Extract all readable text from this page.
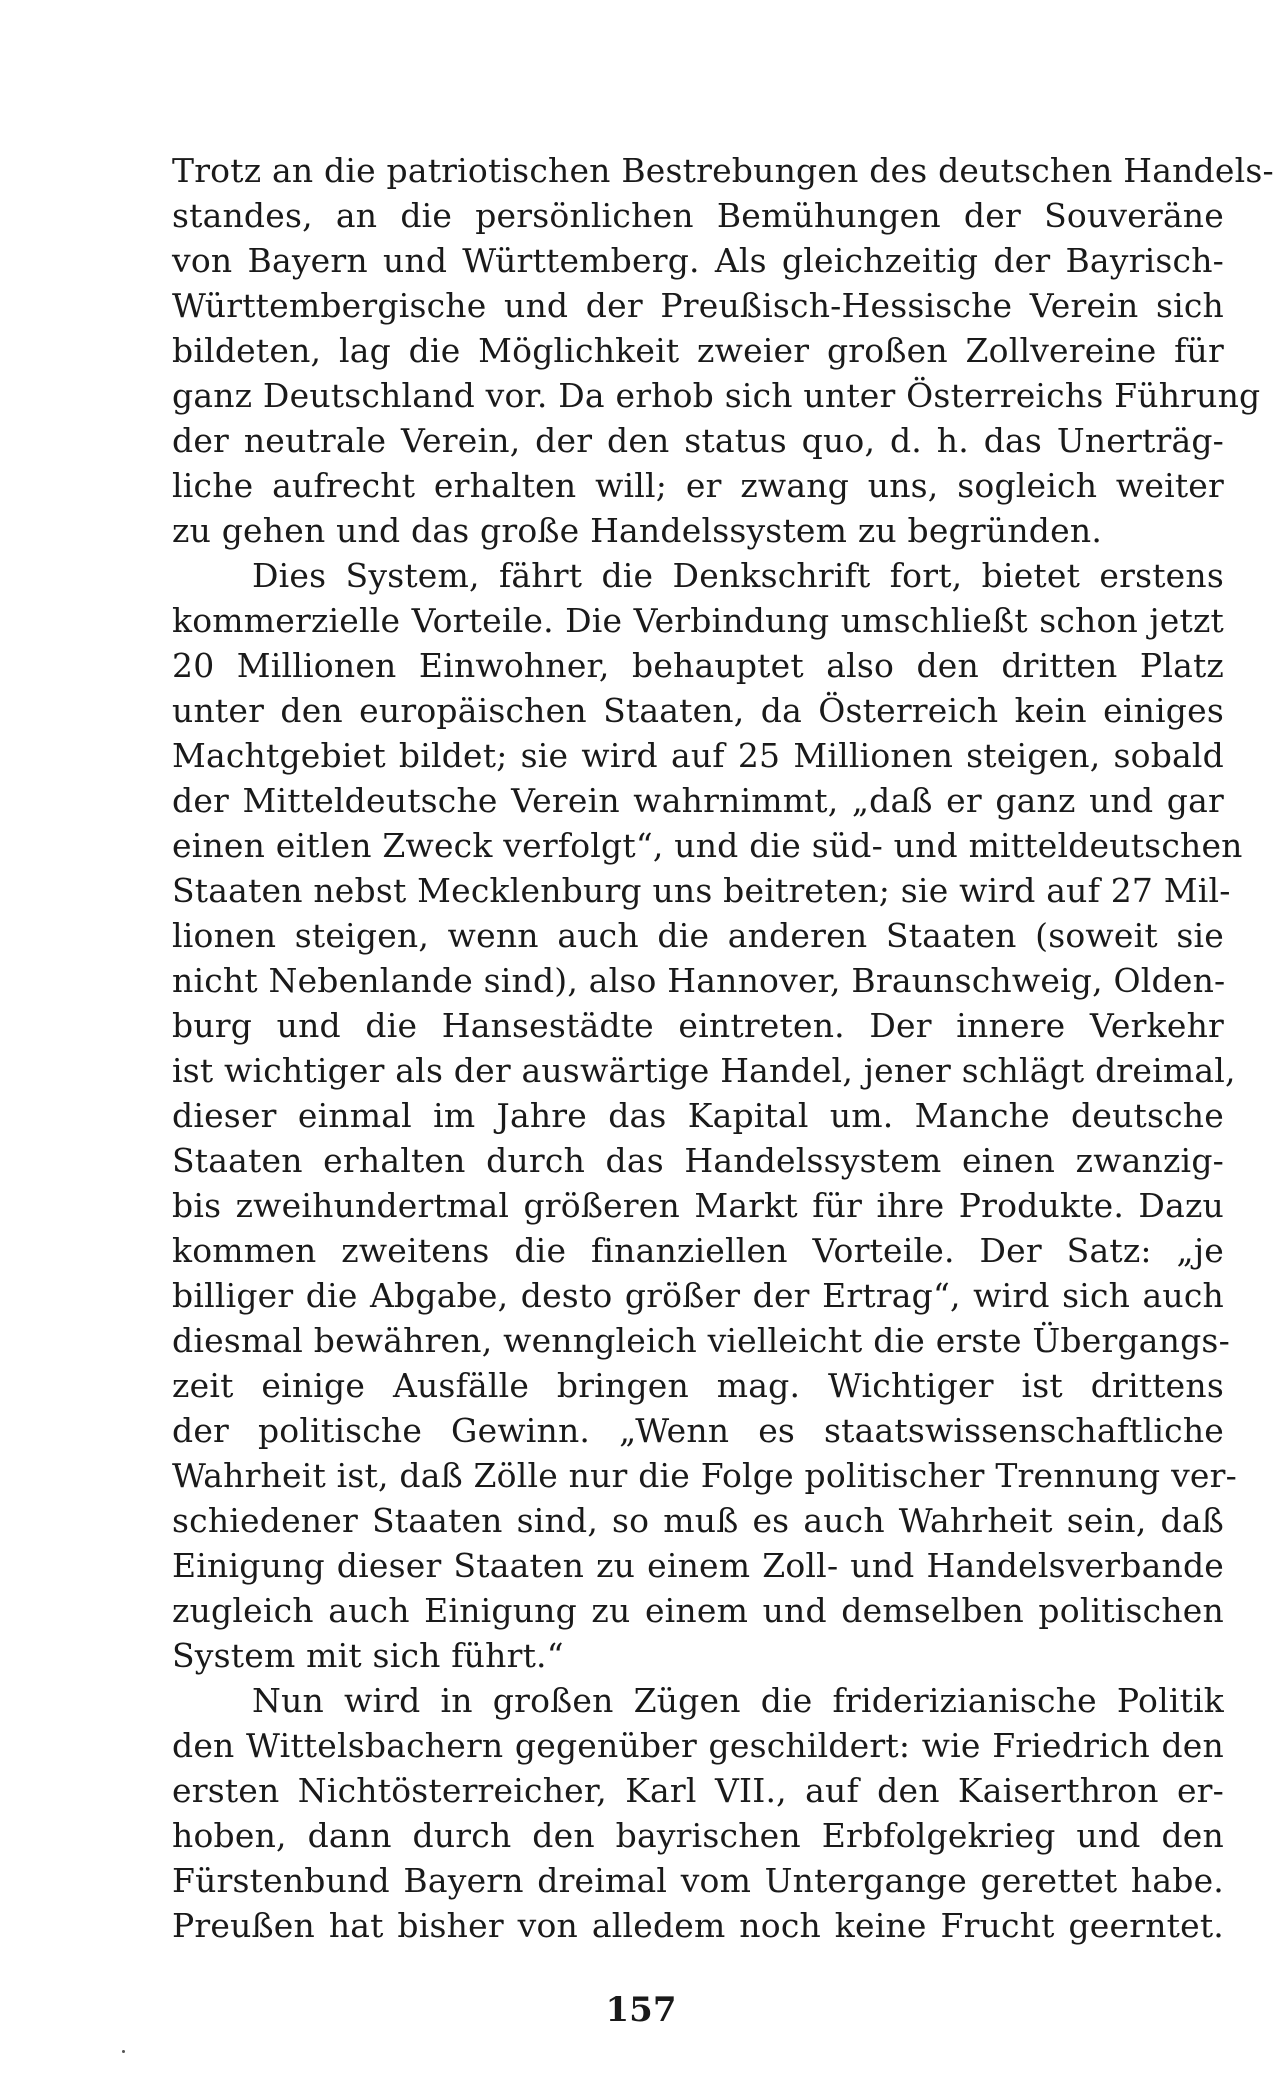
Trotz an die patriotischen Bestrebungen des deutschen Handels-
standes, an die persönlichen Bemühungen der Souveräne
von Bayern und Württemberg. Als gleichzeitig der Bayrisch-
Württembergische und der Preußisch-Hessische Verein sich
bildeten, lag die Möglichkeit zweier großen Zollvereine für
ganz Deutschland vor. Da erhob sich unter Österreichs Führung
der neutrale Verein, der den status quo, d. h. das Unerträg-
liche aufrecht erhalten will; er zwang uns, sogleich weiter
zu gehen und das große Handelssystem zu begründen.

Dies System, fährt die Denkschrift fort, bietet erstens
kommerzielle Vorteile. Die Verbindung umschließt schon jetzt
20 Millionen Einwohner, behauptet also den dritten Platz
unter den europäischen Staaten, da Österreich kein einiges
Machtgebiet bildet; sie wird auf 25 Millionen steigen, sobald
der Mitteldeutsche Verein wahrnimmt, „daß er ganz und gar
einen eitlen Zweck verfolgt“, und die süd- und mitteldeutschen
Staaten nebst Mecklenburg uns beitreten; sie wird auf 27 Mil-
lionen steigen, wenn auch die anderen Staaten (soweit sie
nicht Nebenlande sind), also Hannover, Braunschweig, Olden-
burg und die Hansestädte eintreten. Der innere Verkehr
ist wichtiger als der auswärtige Handel, jener schlägt dreimal,
dieser einmal im Jahre das Kapital um. Manche deutsche
Staaten erhalten durch das Handelssystem einen zwanzig-
bis zweihundertmal größeren Markt für ihre Produkte. Dazu
kommen zweitens die finanziellen Vorteile. Der Satz: „je
billiger die Abgabe, desto größer der Ertrag“, wird sich auch
diesmal bewähren, wenngleich vielleicht die erste Übergangs-
zeit einige Ausfälle bringen mag. Wichtiger ist drittens
der politische Gewinn. „Wenn es staatswissenschaftliche
Wahrheit ist, daß Zölle nur die Folge politischer Trennung ver-
schiedener Staaten sind, so muß es auch Wahrheit sein, daß
Einigung dieser Staaten zu einem Zoll- und Handelsverbande
zugleich auch Einigung zu einem und demselben politischen
System mit sich führt.“

Nun wird in großen Zügen die friderizianische Politik
den Wittelsbachern gegenüber geschildert: wie Friedrich den
ersten Nichtösterreicher, Karl VII., auf den Kaiserthron er-
hoben, dann durch den bayrischen Erbfolgekrieg und den
Fürstenbund Bayern dreimal vom Untergange gerettet habe.
Preußen hat bisher von alledem noch keine Frucht geerntet.

157
